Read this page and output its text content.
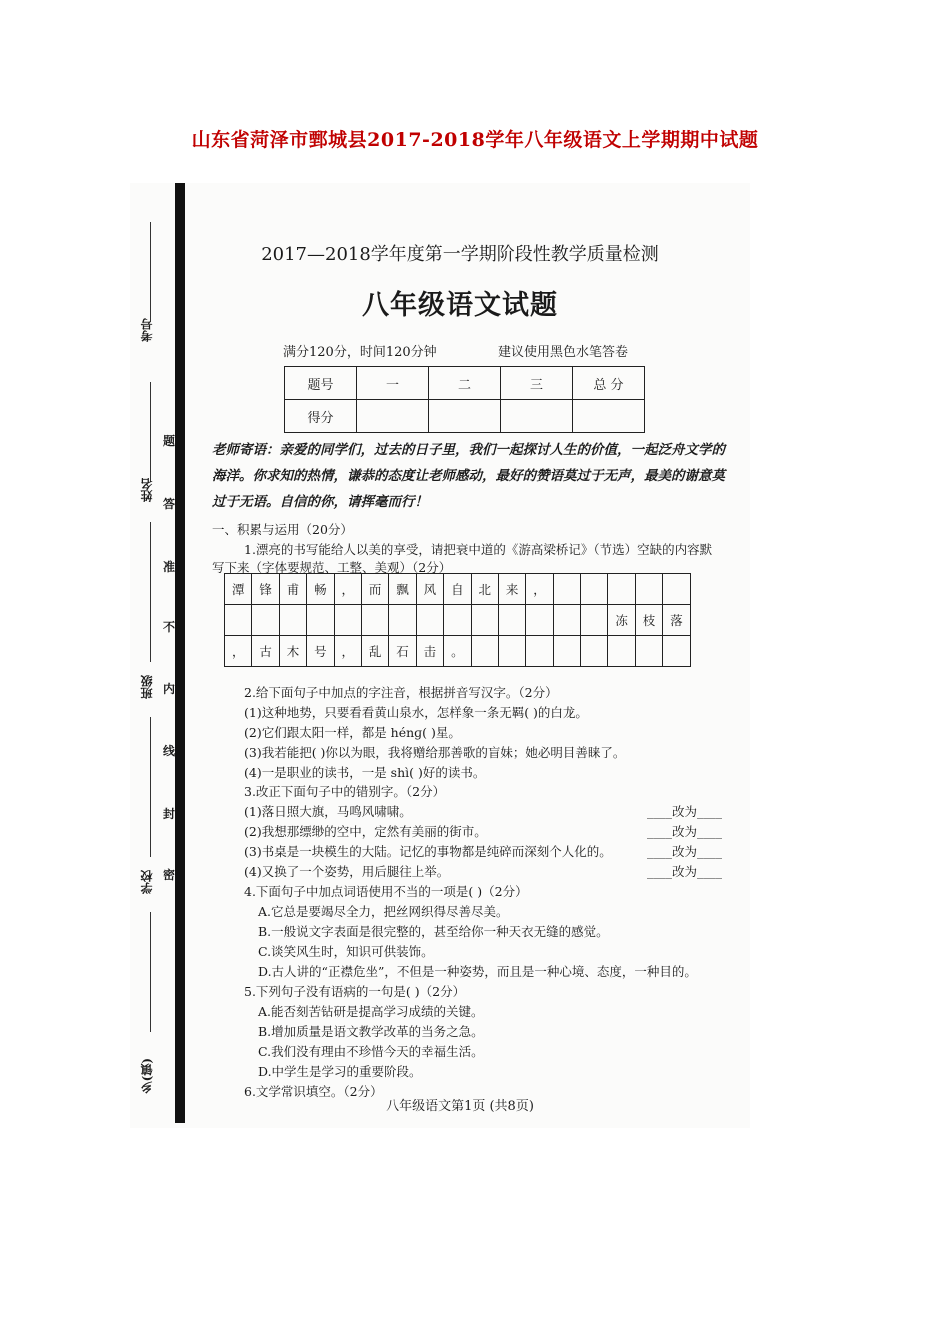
山东省菏泽市鄄城县2017-2018学年八年级语文上学期期中试题
考号
姓名
班级
学校
乡(镇)
题
答
准
不
内
线
封
密
2017—2018学年度第一学期阶段性教学质量检测
八年级语文试题
满分120分，时间120分钟	建议使用黑色水笔答卷
题号	一	二	三	总 分
得分				
老师寄语：亲爱的同学们，过去的日子里，我们一起探讨人生的价值，一起泛舟文学的海洋。你求知的热情，谦恭的态度让老师感动，最好的赞语莫过于无声，最美的谢意莫过于无语。自信的你，请挥毫而行！
一、积累与运用（20分）
1.漂亮的书写能给人以美的享受，请把衰中道的《游高梁桥记》（节选）空缺的内容默
写下来（字体要规范、工整、美观）（2分）
潭	锋	甫	畅	，	而	飘	风	自	北	来	，					
														冻	枝	落
，	古	木	号	，	乱	石	击	。								
2.给下面句子中加点的字注音，根据拼音写汉字。（2分）
(1)这种地势，只要看看黄山泉水，怎样象一条无羁( )的白龙。
(2)它们跟太阳一样，都是 hénɡ( )星。
(3)我若能把( )你以为眼，我将赠给那善歌的盲妹；她必明目善睐了。
(4)一是职业的读书，一是 shì( )好的读书。
3.改正下面句子中的错别字。（2分）
(1)落日照大旗，马鸣风啸啸。	____改为____
(2)我想那缥缈的空中，定然有美丽的街市。	____改为____
(3)书桌是一块模生的大陆。记忆的事物都是纯碎而深刻个人化的。	____改为____
(4)又换了一个姿势，用后腿往上举。	____改为____
4.下面句子中加点词语使用不当的一项是( )（2分）
A.它总是要竭尽全力，把丝网织得尽善尽美。
B.一般说文字表面是很完整的，甚至给你一种天衣无缝的感觉。
C.谈笑风生时，知识可供装饰。
D.古人讲的“正襟危坐”，不但是一种姿势，而且是一种心境、态度，一种目的。
5.下列句子没有语病的一句是( )（2分）
A.能否刻苦钻研是提高学习成绩的关键。
B.增加质量是语文教学改革的当务之急。
C.我们没有理由不珍惜今天的幸福生活。
D.中学生是学习的重要阶段。
6.文学常识填空。（2分）
八年级语文第1页 (共8页)
